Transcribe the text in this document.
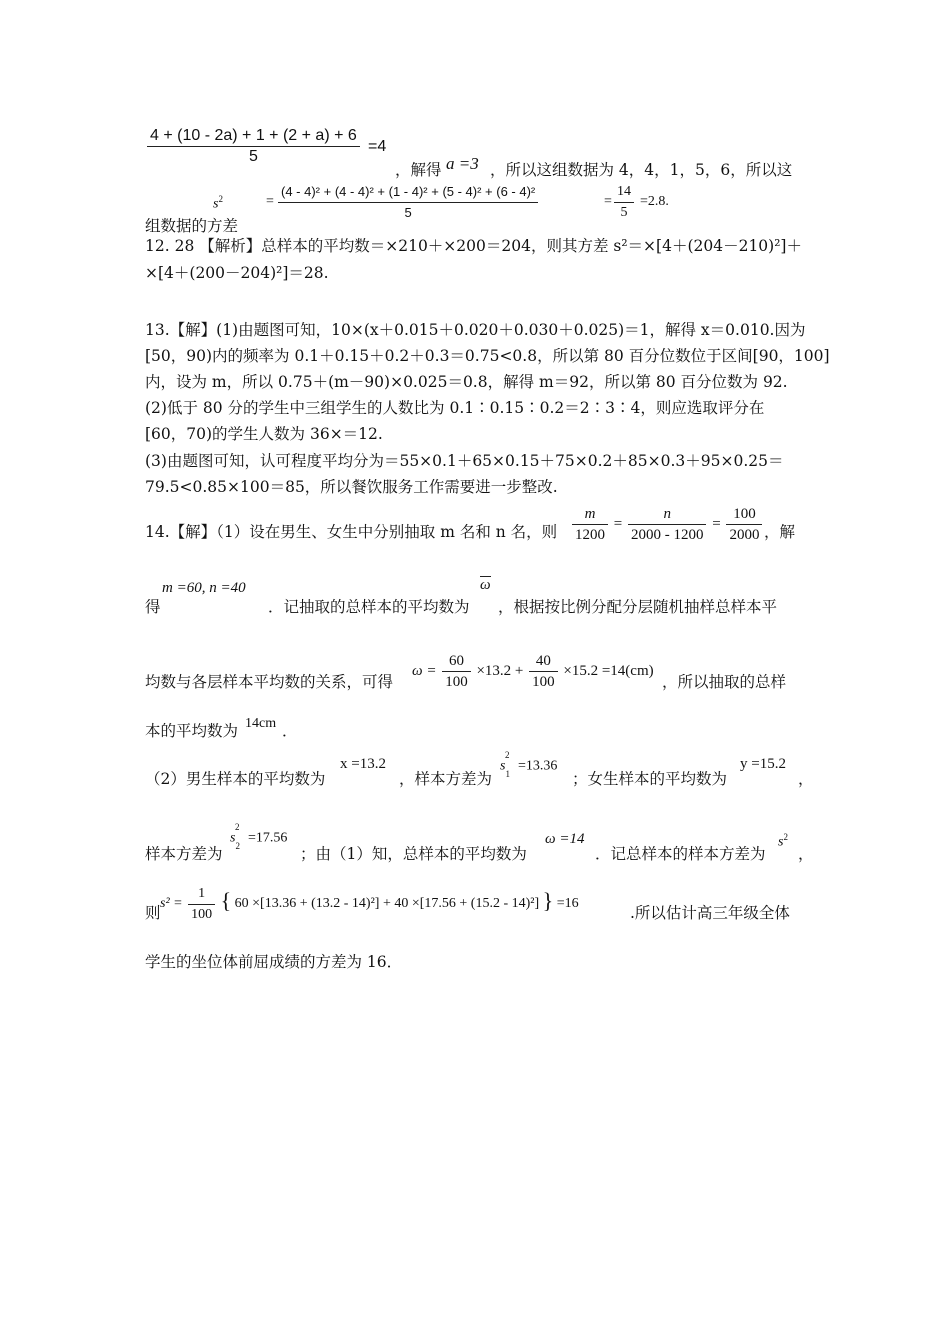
$\frac{4 + (10 - 2a) + 1 + (2 + a) + 6}{5} =4$
，解得 a =3 ，所以这组数据为 4，4，1，5，6，所以这
$s^2$	= $\frac{\text{(4 - 4)² + (4 - 4)² + (1 - 4)² + (5 - 4)² + (6 - 4)²}}{5}$	= $\frac{14}{5} =2.8$.
组数据的方差
12. 28 【解析】总样本的平均数＝×210＋×200＝204，则其方差 s²＝×[4＋(204－210)²]＋
×[4＋(200－204)²]＝28.
13.【解】(1)由题图可知，10×(x＋0.015＋0.020＋0.030＋0.025)＝1，解得 x＝0.010.因为
[50，90)内的频率为 0.1＋0.15＋0.2＋0.3＝0.75<0.8，所以第 80 百分位数位于区间[90，100]
内，设为 m，所以 0.75＋(m－90)×0.025＝0.8，解得 m＝92，所以第 80 百分位数为 92.
(2)低于 80 分的学生中三组学生的人数比为 0.1∶0.15∶0.2＝2∶3∶4，则应选取评分在
[60，70)的学生人数为 36×＝12.
(3)由题图可知，认可程度平均分为＝55×0.1＋65×0.15＋75×0.2＋85×0.3＋95×0.25＝
79.5<0.85×100＝85，所以餐饮服务工作需要进一步整改.
14.【解】（1）设在男生、女生中分别抽取 m 名和 n 名，则 $\frac{m}{1200} = \frac{n}{2000 - 1200} = \frac{100}{2000}$ ，解
得
m =60, n =40
．记抽取的总样本的平均数为
ω
，根据按比例分配分层随机抽样总样本平
均数与各层样本平均数的关系，可得
$\omega = \frac{60}{100} \times 13.2 + \frac{40}{100} \times 15.2 =14(cm)$
，所以抽取的总样
本的平均数为 14cm ．
（2）男生样本的平均数为
x =13.2
，样本方差为
$s_1^2 =13.36$
；女生样本的平均数为
y =15.2
，
样本方差为
$s_2^2 =17.56$
；由（1）知，总样本的平均数为
ω =14
．记总样本的样本方差为
$s^2$
，
则
$s^2 = \frac{1}{100}$ { 60 ×[13.36 + (13.2 - 14)²] + 40 ×[17.56 + (15.2 - 14)²] } =16
.所以估计高三年级全体
学生的坐位体前屈成绩的方差为 16．
